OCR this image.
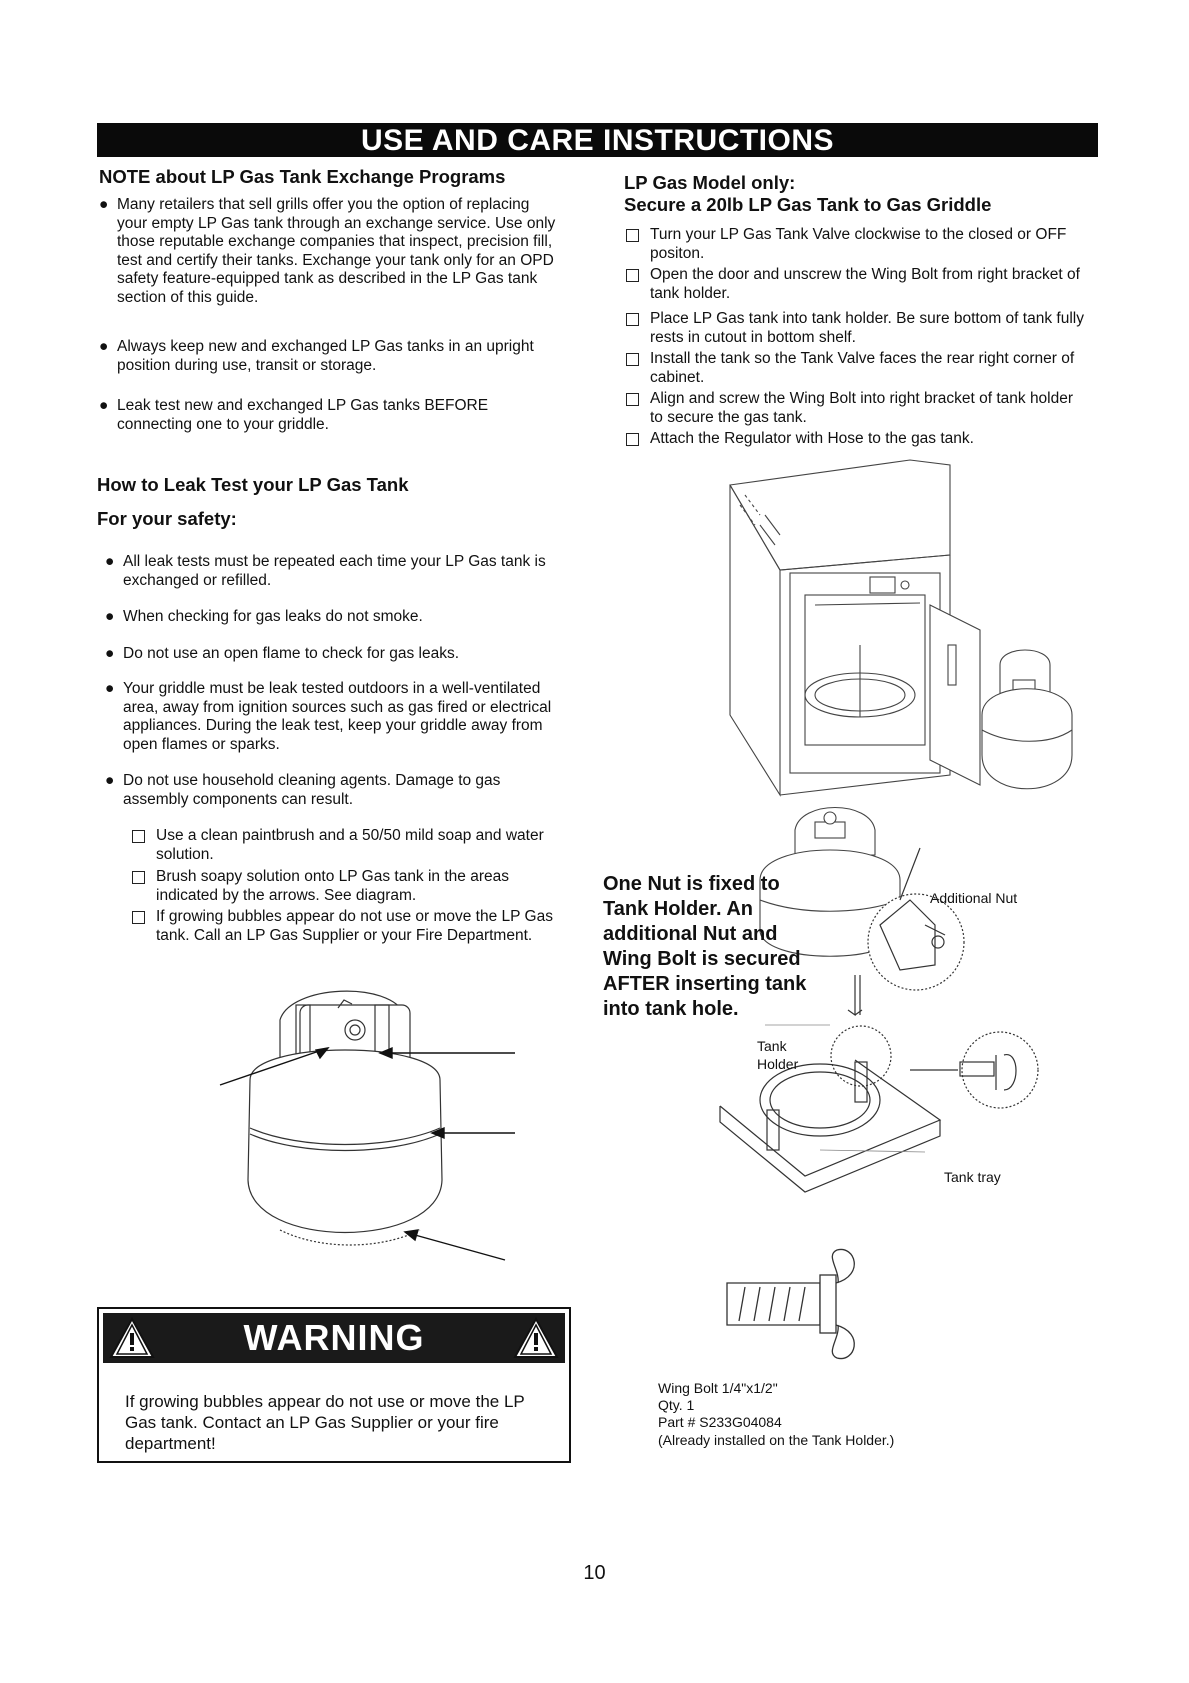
USE AND CARE INSTRUCTIONS
NOTE about LP Gas Tank Exchange Programs
● Many retailers that sell grills offer you the option of replacing your empty LP Gas tank through an exchange service. Use only those reputable exchange companies that inspect, precision fill, test and certify their tanks. Exchange your tank only for an OPD safety feature-equipped tank as described in the LP Gas tank section of this guide.
● Always keep new and exchanged LP Gas tanks in an upright position during use, transit or storage.
● Leak test new and exchanged LP Gas tanks BEFORE connecting one to your griddle.
How to Leak Test your LP Gas Tank
For your safety:
● All leak tests must be repeated each time your LP Gas tank is exchanged or refilled.
● When checking for gas leaks do not smoke.
● Do not use an open flame to check for gas leaks.
● Your griddle must be leak tested outdoors in a well-ventilated area, away from ignition sources such as gas fired or electrical appliances. During the leak test, keep your griddle away from open flames or sparks.
● Do not use household cleaning agents. Damage to gas assembly components can result.
Use a clean paintbrush and a 50/50 mild soap and water solution.
Brush soapy solution onto LP Gas tank in the areas indicated by the arrows. See diagram.
If growing bubbles appear do not use or move the LP Gas tank. Call an LP Gas Supplier or your Fire Department.
WARNING
If growing bubbles appear do not use or move the LP Gas tank. Contact an LP Gas Supplier or your fire department!
LP Gas Model only:
Secure a 20lb LP Gas Tank to Gas Griddle
Turn your LP Gas Tank Valve clockwise to the closed or OFF positon.
Open the door and unscrew the Wing Bolt from right bracket of tank holder.
Place LP Gas tank into tank holder. Be sure bottom of tank fully rests in cutout in bottom shelf.
Install the tank so the Tank Valve faces the rear right corner of cabinet.
Align and screw the Wing Bolt into right bracket of tank holder to secure the gas tank.
Attach the Regulator with Hose to the gas tank.
One Nut is fixed to Tank Holder. An additional Nut and Wing Bolt is secured AFTER inserting tank into tank hole.
Additional Nut
Tank
Holder
Tank tray
Wing Bolt 1/4"x1/2"
Qty. 1
Part # S233G04084
(Already installed on the Tank Holder.)
10
